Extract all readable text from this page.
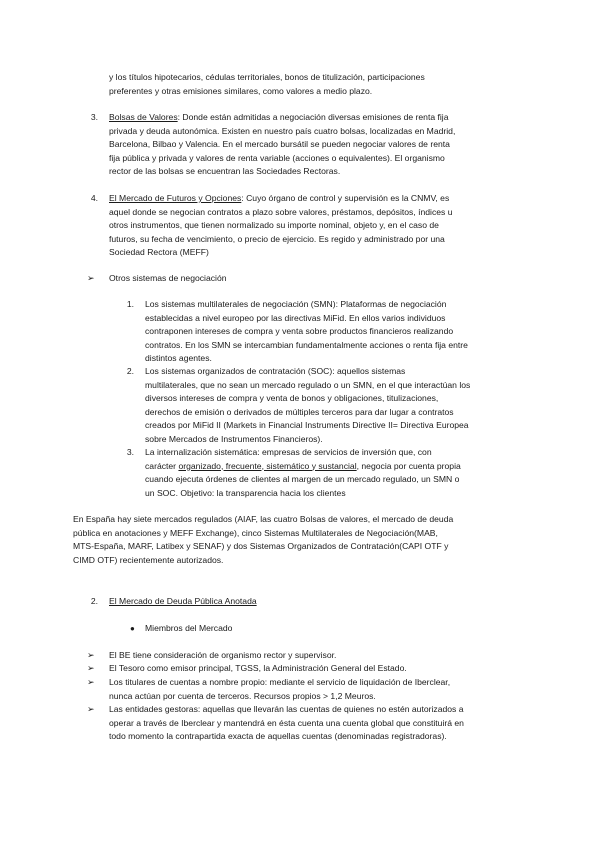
y los títulos hipotecarios, cédulas territoriales, bonos de titulización, participaciones
preferentes y otras emisiones similares, como valores a medio plazo.
3. Bolsas de Valores: Donde están admitidas a negociación diversas emisiones de renta fija
privada y deuda autonómica. Existen en nuestro país cuatro bolsas, localizadas en Madrid,
Barcelona, Bilbao y Valencia. En el mercado bursátil se pueden negociar valores de renta
fija pública y privada y valores de renta variable (acciones o equivalentes). El organismo
rector de las bolsas se encuentran las Sociedades Rectoras.
4. El Mercado de Futuros y Opciones: Cuyo órgano de control y supervisión es la CNMV, es
aquel donde se negocian contratos a plazo sobre valores, préstamos, depósitos, índices u
otros instrumentos, que tienen normalizado su importe nominal, objeto y, en el caso de
futuros, su fecha de vencimiento, o precio de ejercicio. Es regido y administrado por una
Sociedad Rectora (MEFF)
➢ Otros sistemas de negociación
1. Los sistemas multilaterales de negociación (SMN): Plataformas de negociación
establecidas a nivel europeo por las directivas MiFid. En ellos varios individuos
contraponen intereses de compra y venta sobre productos financieros realizando
contratos. En los SMN se intercambian fundamentalmente acciones o renta fija entre
distintos agentes.
2. Los sistemas organizados de contratación (SOC): aquellos sistemas
multilaterales, que no sean un mercado regulado o un SMN, en el que interactúan los
diversos intereses de compra y venta de bonos y obligaciones, titulizaciones,
derechos de emisión o derivados de múltiples terceros para dar lugar a contratos
creados por MiFid II (Markets in Financial Instruments Directive II= Directiva Europea
sobre Mercados de Instrumentos Financieros).
3. La internalización sistemática: empresas de servicios de inversión que, con
carácter organizado, frecuente, sistemático y sustancial, negocia por cuenta propia
cuando ejecuta órdenes de clientes al margen de un mercado regulado, un SMN o
un SOC. Objetivo: la transparencia hacia los clientes
En España hay siete mercados regulados (AIAF, las cuatro Bolsas de valores, el mercado de deuda
pública en anotaciones y MEFF Exchange), cinco Sistemas Multilaterales de Negociación(MAB,
MTS-España, MARF, Latibex y SENAF) y dos Sistemas Organizados de Contratación(CAPI OTF y
CIMD OTF) recientemente autorizados.
2. El Mercado de Deuda Pública Anotada
● Miembros del Mercado
➢ El BE tiene consideración de organismo rector y supervisor.
➢ El Tesoro como emisor principal, TGSS, la Administración General del Estado.
➢ Los titulares de cuentas a nombre propio: mediante el servicio de liquidación de Iberclear,
nunca actúan por cuenta de terceros. Recursos propios > 1,2 Meuros.
➢ Las entidades gestoras: aquellas que llevarán las cuentas de quienes no estén autorizados a
operar a través de Iberclear y mantendrá en ésta cuenta una cuenta global que constituirá en
todo momento la contrapartida exacta de aquellas cuentas (denominadas registradoras).
